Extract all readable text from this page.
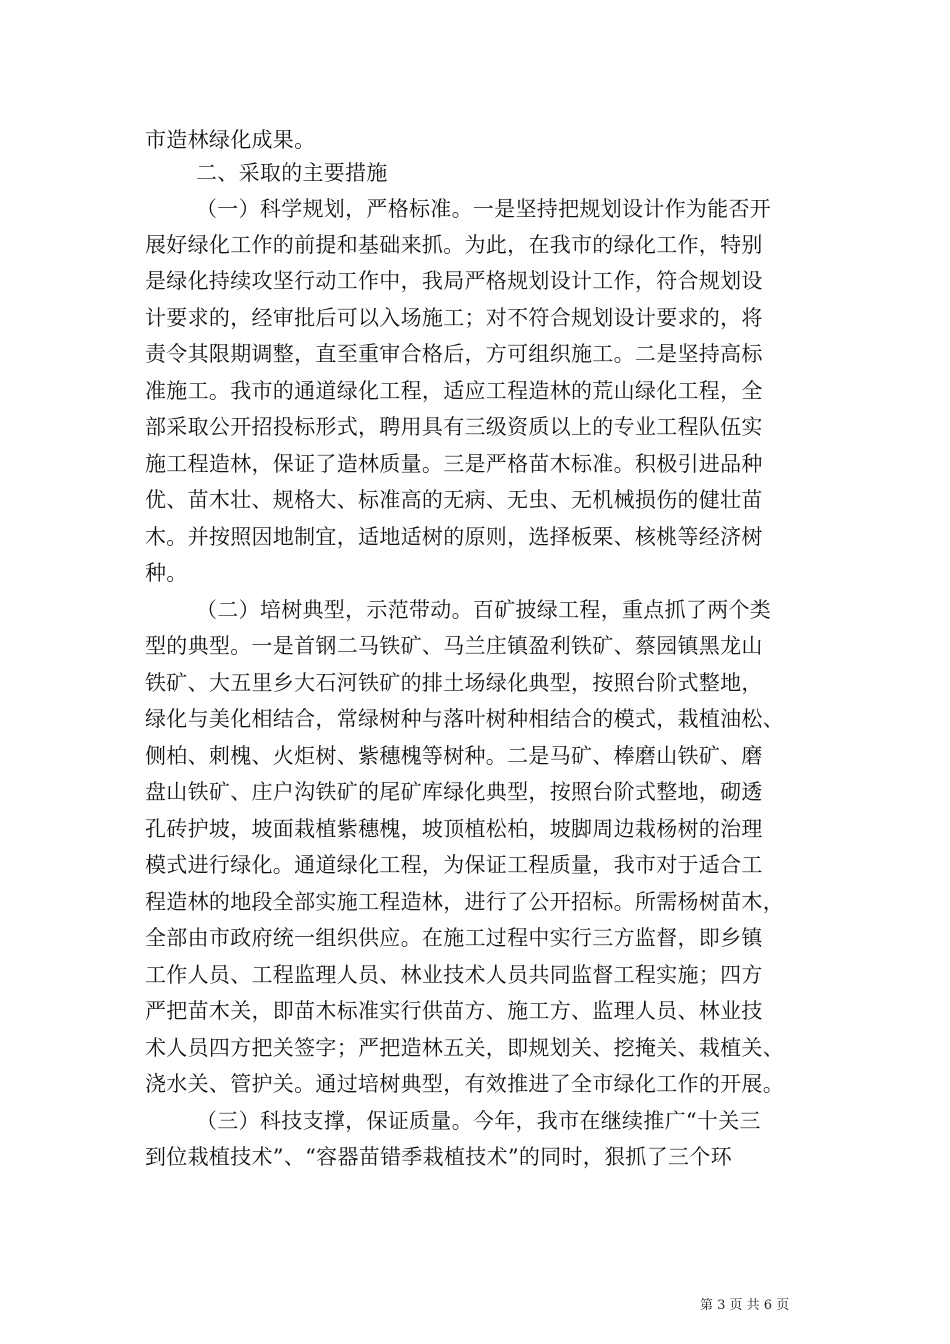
市造林绿化成果。
二、采取的主要措施
（一）科学规划，严格标准。一是坚持把规划设计作为能否开
展好绿化工作的前提和基础来抓。为此，在我市的绿化工作，特别
是绿化持续攻坚行动工作中，我局严格规划设计工作，符合规划设
计要求的，经审批后可以入场施工；对不符合规划设计要求的，将
责令其限期调整，直至重审合格后，方可组织施工。二是坚持高标
准施工。我市的通道绿化工程，适应工程造林的荒山绿化工程，全
部采取公开招投标形式，聘用具有三级资质以上的专业工程队伍实
施工程造林，保证了造林质量。三是严格苗木标准。积极引进品种
优、苗木壮、规格大、标准高的无病、无虫、无机械损伤的健壮苗
木。并按照因地制宜，适地适树的原则，选择板栗、核桃等经济树
种。
（二）培树典型，示范带动。百矿披绿工程，重点抓了两个类
型的典型。一是首钢二马铁矿、马兰庄镇盈利铁矿、蔡园镇黑龙山
铁矿、大五里乡大石河铁矿的排土场绿化典型，按照台阶式整地，
绿化与美化相结合，常绿树种与落叶树种相结合的模式，栽植油松、
侧柏、刺槐、火炬树、紫穗槐等树种。二是马矿、棒磨山铁矿、磨
盘山铁矿、庄户沟铁矿的尾矿库绿化典型，按照台阶式整地，砌透
孔砖护坡，坡面栽植紫穗槐，坡顶植松柏，坡脚周边栽杨树的治理
模式进行绿化。通道绿化工程，为保证工程质量，我市对于适合工
程造林的地段全部实施工程造林，进行了公开招标。所需杨树苗木，
全部由市政府统一组织供应。在施工过程中实行三方监督，即乡镇
工作人员、工程监理人员、林业技术人员共同监督工程实施；四方
严把苗木关，即苗木标准实行供苗方、施工方、监理人员、林业技
术人员四方把关签字；严把造林五关，即规划关、挖掩关、栽植关、
浇水关、管护关。通过培树典型，有效推进了全市绿化工作的开展。
（三）科技支撑，保证质量。今年，我市在继续推广“十关三
到位栽植技术”、“容器苗错季栽植技术”的同时，狠抓了三个环
第 3 页 共 6 页
